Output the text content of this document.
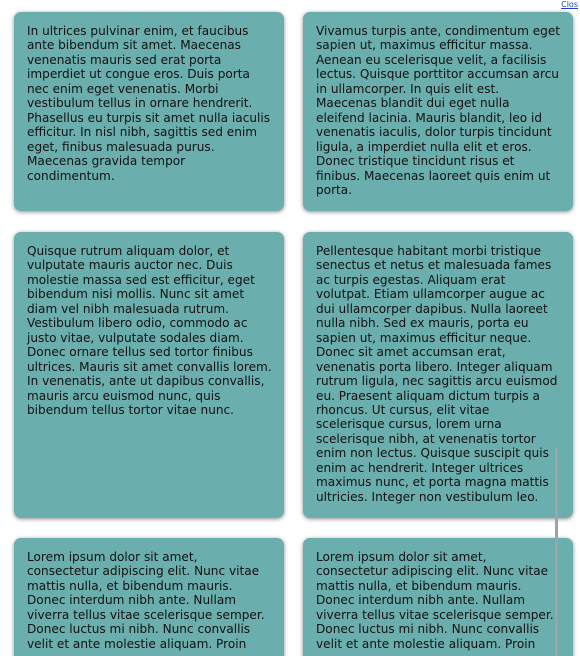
Clos

In ultrices pulvinar enim, et faucibus ante bibendum sit amet. Maecenas venenatis mauris sed erat porta imperdiet ut congue eros. Duis porta nec enim eget venenatis. Morbi vestibulum tellus in ornare hendrerit. Phasellus eu turpis sit amet nulla iaculis efficitur. In nisl nibh, sagittis sed enim eget, finibus malesuada purus. Maecenas gravida tempor condimentum.

Vivamus turpis ante, condimentum eget sapien ut, maximus efficitur massa. Aenean eu scelerisque velit, a facilisis lectus. Quisque porttitor accumsan arcu in ullamcorper. In quis elit est. Maecenas blandit dui eget nulla eleifend lacinia. Mauris blandit, leo id venenatis iaculis, dolor turpis tincidunt ligula, a imperdiet nulla elit et eros. Donec tristique tincidunt risus et finibus. Maecenas laoreet quis enim ut porta.

Quisque rutrum aliquam dolor, et vulputate mauris auctor nec. Duis molestie massa sed est efficitur, eget bibendum nisi mollis. Nunc sit amet diam vel nibh malesuada rutrum. Vestibulum libero odio, commodo ac justo vitae, vulputate sodales diam. Donec ornare tellus sed tortor finibus ultrices. Mauris sit amet convallis lorem. In venenatis, ante ut dapibus convallis, mauris arcu euismod nunc, quis bibendum tellus tortor vitae nunc.

Pellentesque habitant morbi tristique senectus et netus et malesuada fames ac turpis egestas. Aliquam erat volutpat. Etiam ullamcorper augue ac dui ullamcorper dapibus. Nulla laoreet nulla nibh. Sed ex mauris, porta eu sapien ut, maximus efficitur neque. Donec sit amet accumsan erat, venenatis porta libero. Integer aliquam rutrum ligula, nec sagittis arcu euismod eu. Praesent aliquam dictum turpis a rhoncus. Ut cursus, elit vitae scelerisque cursus, lorem urna scelerisque nibh, at venenatis tortor enim non lectus. Quisque suscipit quis enim ac hendrerit. Integer ultrices maximus nunc, et porta magna mattis ultricies. Integer non vestibulum leo.

Lorem ipsum dolor sit amet, consectetur adipiscing elit. Nunc vitae mattis nulla, et bibendum mauris. Donec interdum nibh ante. Nullam viverra tellus vitae scelerisque semper. Donec luctus mi nibh. Nunc convallis velit et ante molestie aliquam. Proin

Lorem ipsum dolor sit amet, consectetur adipiscing elit. Nunc vitae mattis nulla, et bibendum mauris. Donec interdum nibh ante. Nullam viverra tellus vitae scelerisque semper. Donec luctus mi nibh. Nunc convallis velit et ante molestie aliquam. Proin
